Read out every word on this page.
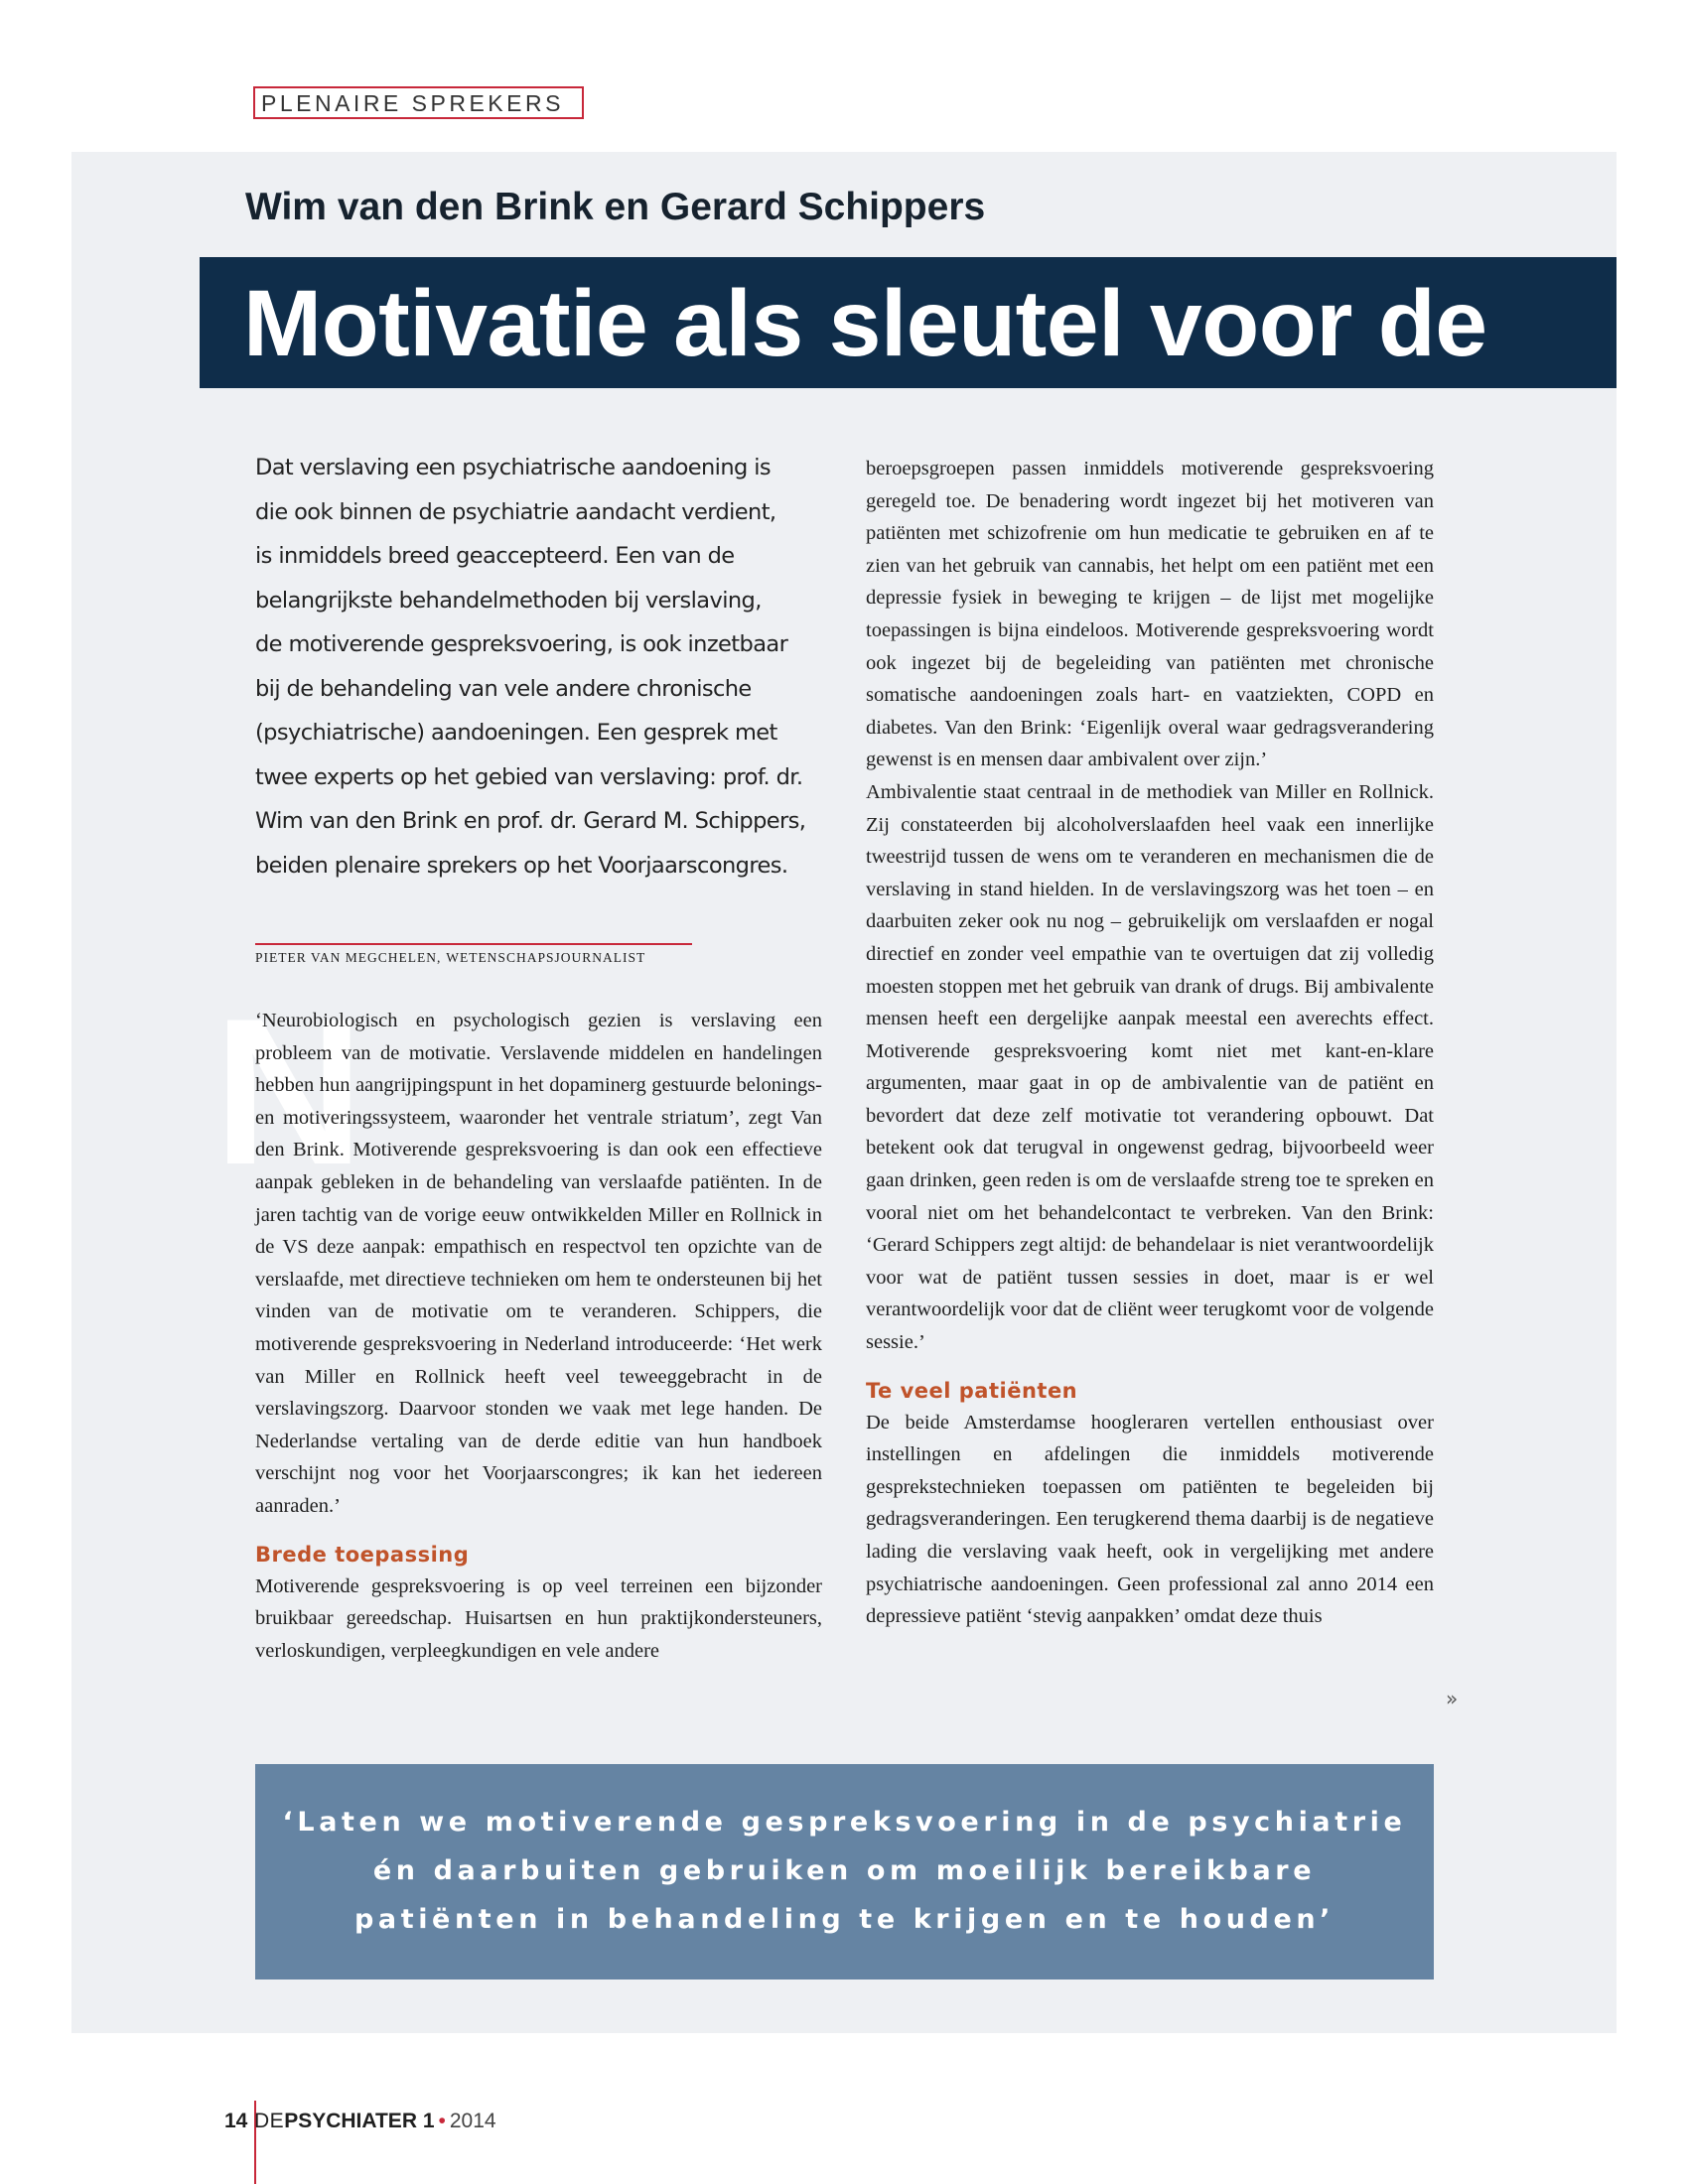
PLENAIRE SPREKERS
Wim van den Brink en Gerard Schippers
Motivatie als sleutel voor de
Dat verslaving een psychiatrische aandoening is
die ook binnen de psychiatrie aandacht verdient,
is inmiddels breed geaccepteerd. Een van de
belangrijkste behandelmethoden bij verslaving,
de motiverende gespreksvoering, is ook inzetbaar
bij de behandeling van vele andere chronische
(psychiatrische) aandoeningen. Een gesprek met
twee experts op het gebied van verslaving: prof. dr.
Wim van den Brink en prof. dr. Gerard M. Schippers,
beiden plenaire sprekers op het Voorjaarscongres.
PIETER VAN MEGCHELEN, WETENSCHAPSJOURNALIST
N

‘Neurobiologisch en psychologisch gezien is verslaving een probleem van de motivatie. Verslavende middelen en handelingen hebben hun aangrijpingspunt in het dopaminerg gestuurde belonings- en motiveringssysteem, waaronder het ventrale striatum’, zegt Van den Brink. Motiverende gespreksvoering is dan ook een effectieve aanpak gebleken in de behandeling van verslaafde patiënten. In de jaren tachtig van de vorige eeuw ontwikkelden Miller en Rollnick in de VS deze aanpak: empathisch en respectvol ten opzichte van de verslaafde, met directieve technieken om hem te ondersteunen bij het vinden van de motivatie om te veranderen. Schippers, die motiverende gespreksvoering in Nederland introduceerde: ‘Het werk van Miller en Rollnick heeft veel teweeggebracht in de verslavingszorg. Daarvoor stonden we vaak met lege handen. De Nederlandse vertaling van de derde editie van hun handboek verschijnt nog voor het Voorjaarscongres; ik kan het iedereen aanraden.’

Brede toepassing

Motiverende gespreksvoering is op veel terreinen een bijzonder bruikbaar gereedschap. Huisartsen en hun praktijkondersteuners, verloskundigen, verpleegkundigen en vele andere

beroepsgroepen passen inmiddels motiverende gespreksvoering geregeld toe. De benadering wordt ingezet bij het motiveren van patiënten met schizofrenie om hun medicatie te gebruiken en af te zien van het gebruik van cannabis, het helpt om een patiënt met een depressie fysiek in beweging te krijgen – de lijst met mogelijke toepassingen is bijna eindeloos. Motiverende gespreksvoering wordt ook ingezet bij de begeleiding van patiënten met chronische somatische aandoeningen zoals hart- en vaatziekten, COPD en diabetes. Van den Brink: ‘Eigenlijk overal waar gedragsverandering gewenst is en mensen daar ambivalent over zijn.’

Ambivalentie staat centraal in de methodiek van Miller en Rollnick. Zij constateerden bij alcoholverslaafden heel vaak een innerlijke tweestrijd tussen de wens om te veranderen en mechanismen die de verslaving in stand hielden. In de verslavingszorg was het toen – en daarbuiten zeker ook nu nog – gebruikelijk om verslaafden er nogal directief en zonder veel empathie van te overtuigen dat zij volledig moesten stoppen met het gebruik van drank of drugs. Bij ambivalente mensen heeft een dergelijke aanpak meestal een averechts effect. Motiverende gespreksvoering komt niet met kant-en-klare argumenten, maar gaat in op de ambivalentie van de patiënt en bevordert dat deze zelf motivatie tot verandering opbouwt. Dat betekent ook dat terugval in ongewenst gedrag, bijvoorbeeld weer gaan drinken, geen reden is om de verslaafde streng toe te spreken en vooral niet om het behandelcontact te verbreken. Van den Brink: ‘Gerard Schippers zegt altijd: de behandelaar is niet verantwoordelijk voor wat de patiënt tussen sessies in doet, maar is er wel verantwoordelijk voor dat de cliënt weer terugkomt voor de volgende sessie.’

Te veel patiënten

De beide Amsterdamse hoogleraren vertellen enthousiast over instellingen en afdelingen die inmiddels motiverende gesprekstechnieken toepassen om patiënten te begeleiden bij gedragsveranderingen. Een terugkerend thema daarbij is de negatieve lading die verslaving vaak heeft, ook in vergelijking met andere psychiatrische aandoeningen. Geen professional zal anno 2014 een depressieve patiënt ‘stevig aanpakken’ omdat deze thuis

»
‘Laten we motiverende gespreksvoering in de psychiatrie én daarbuiten gebruiken om moeilijk bereikbare patiënten in behandeling te krijgen en te houden’
14 DEPSYCHIATER 1 • 2014
